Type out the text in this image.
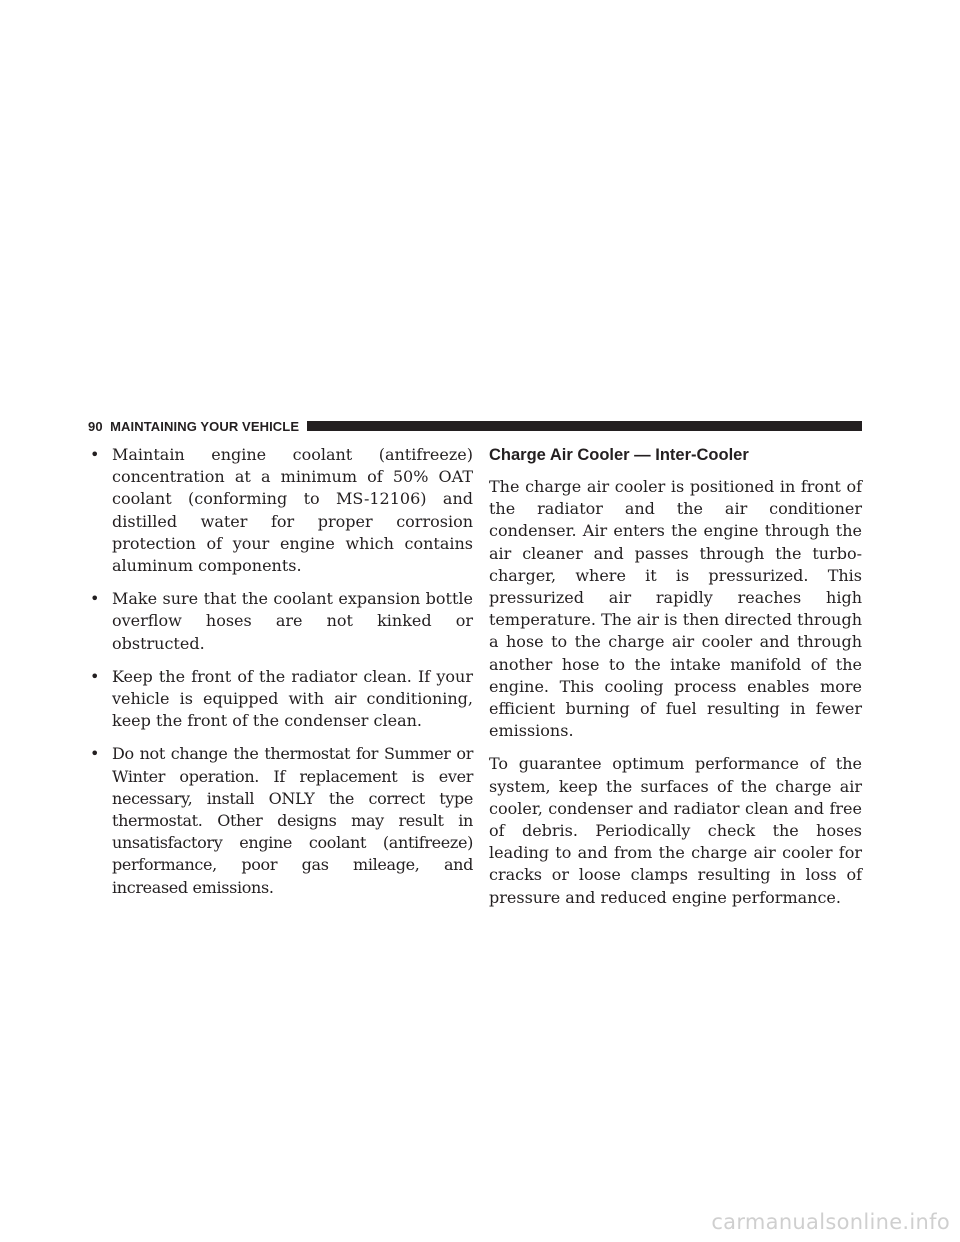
90 MAINTAINING YOUR VEHICLE
• Maintain engine coolant (antifreeze) concentration at a minimum of 50% OAT coolant (conforming to MS-12106) and distilled water for proper corrosion protection of your engine which contains aluminum components.
• Make sure that the coolant expansion bottle overflow hoses are not kinked or obstructed.
• Keep the front of the radiator clean. If your vehicle is equipped with air conditioning, keep the front of the condenser clean.
• Do not change the thermostat for Summer or Winter operation. If replacement is ever necessary, install ONLY the correct type thermostat. Other designs may result in unsatisfactory engine coolant (antifreeze) performance, poor gas mileage, and increased emissions.
Charge Air Cooler — Inter-Cooler

The charge air cooler is positioned in front of the radiator and the air conditioner condenser. Air enters the engine through the air cleaner and passes through the turbo-charger, where it is pressurized. This pressurized air rapidly reaches high temperature. The air is then directed through a hose to the charge air cooler and through another hose to the intake manifold of the engine. This cooling process enables more efficient burning of fuel resulting in fewer emissions.

To guarantee optimum performance of the system, keep the surfaces of the charge air cooler, condenser and radiator clean and free of debris. Periodically check the hoses leading to and from the charge air cooler for cracks or loose clamps resulting in loss of pressure and reduced engine performance.

carmanualsonline.info
